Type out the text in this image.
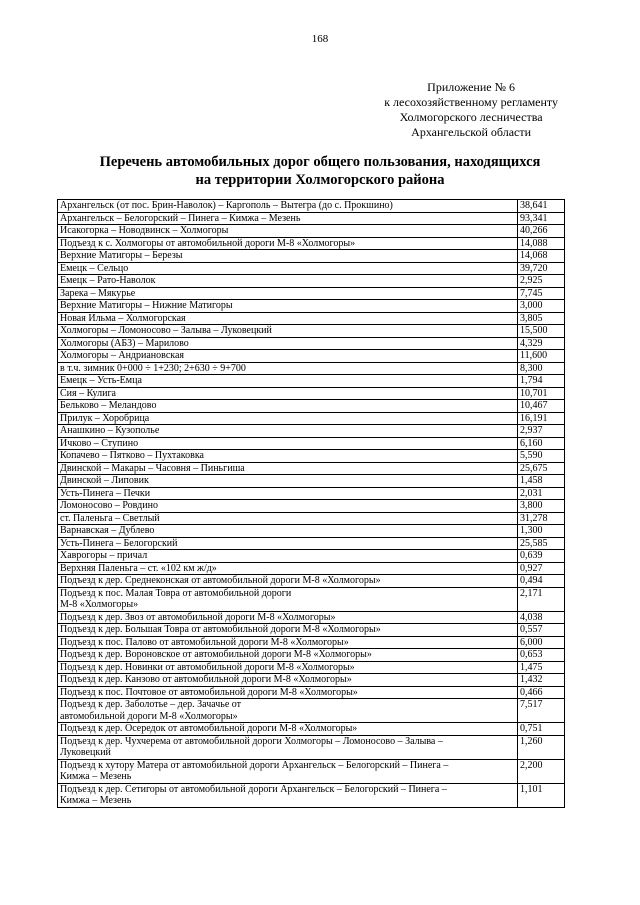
168
Приложение № 6
к лесохозяйственному регламенту
Холмогорского лесничества
Архангельской области
Перечень автомобильных дорог общего пользования, находящихся
на территории Холмогорского района
Архангельск (от пос. Брин-Наволок) – Каргополь – Вытегра (до с. Прокшино)	38,641

Архангельск – Белогорский – Пинега – Кимжа – Мезень	93,341

Исакогорка – Новодвинск – Холмогоры	40,266

Подъезд к с. Холмогоры от автомобильной дороги М-8 «Холмогоры»	14,088

Верхние Матигоры – Березы	14,068

Емецк – Сельцо	39,720

Емецк – Рато-Наволок	2,925

Зарека – Мякурье	7,745

Верхние Матигоры – Нижние Матигоры	3,000

Новая Ильма – Холмогорская	3,805

Холмогоры – Ломоносово – Залыва – Луковецкий	15,500

Холмогоры (АБЗ) – Марилово	4,329

Холмогоры – Андриановская	11,600

в т.ч. зимник 0+000 ÷ 1+230; 2+630 ÷ 9+700	8,300

Емецк – Усть-Емца	1,794

Сия – Кулига	10,701

Бельково – Меландово	10,467

Прилук – Хоробрица	16,191

Анашкино – Кузополье	2,937

Ичково – Ступино	6,160

Копачево – Пятково – Пухтаковка	5,590

Двинской – Макары – Часовня – Пиньгиша	25,675

Двинской – Липовик	1,458

Усть-Пинега – Печки	2,031

Ломоносово – Ровдино	3,800

ст. Паленьга – Светлый	31,278

Варнавская – Дублево	1,300

Усть-Пинега – Белогорский	25,585

Хаврогоры – причал	0,639

Верхняя Паленьга – ст. «102 км ж/д»	0,927

Подъезд к дер. Среднеконская от автомобильной дороги М-8 «Холмогоры»	0,494

Подъезд к пос. Малая Товра от автомобильной дороги
М-8 «Холмогоры»	2,171

Подъезд к дер. Звоз от автомобильной дороги М-8 «Холмогоры»	4,038

Подъезд к дер. Большая Товра от автомобильной дороги М-8 «Холмогоры»	0,557

Подъезд к пос. Палово от автомобильной дороги М-8 «Холмогоры»	6,000

Подъезд к дер. Вороновское от автомобильной дороги М-8 «Холмогоры»	0,653

Подъезд к дер. Новинки от автомобильной дороги М-8 «Холмогоры»	1,475

Подъезд к дер. Канзово от автомобильной дороги М-8 «Холмогоры»	1,432

Подъезд к пос. Почтовое от автомобильной дороги М-8 «Холмогоры»	0,466

Подъезд к дер. Заболотье – дер. Зачачье от
автомобильной дороги М-8 «Холмогоры»	7,517

Подъезд к дер. Осередок от автомобильной дороги М-8 «Холмогоры»	0,751

Подъезд к дер. Чухчерема от автомобильной дороги Холмогоры – Ломоносово – Залыва –
Луковецкий	1,260

Подъезд к хутору Матера от автомобильной дороги Архангельск – Белогорский – Пинега –
Кимжа – Мезень	2,200

Подъезд к дер. Сетигоры от автомобильной дороги Архангельск – Белогорский – Пинега –
Кимжа – Мезень	1,101
